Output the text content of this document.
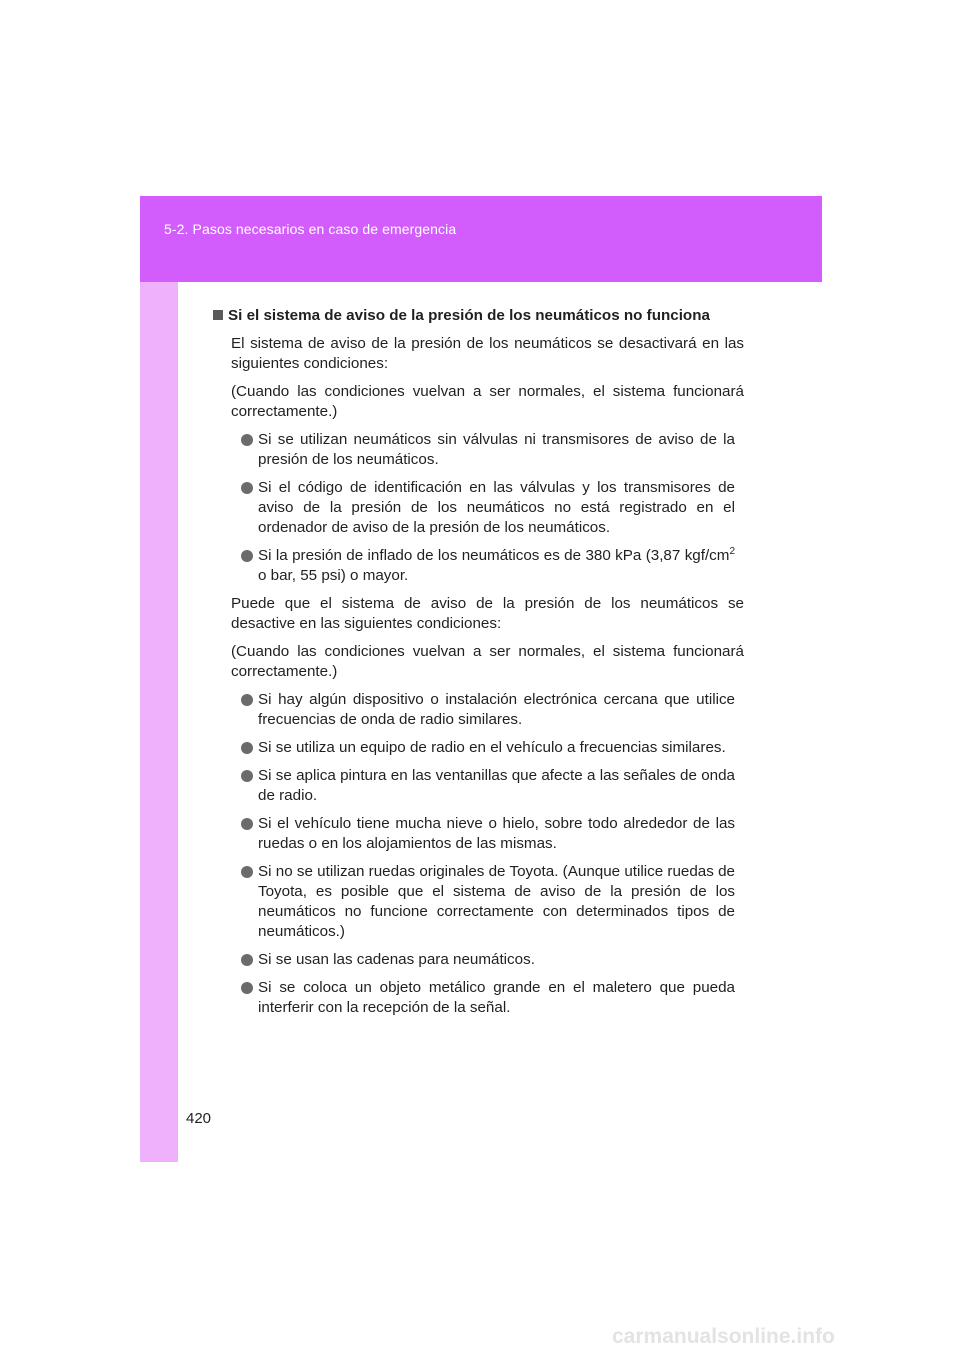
5-2. Pasos necesarios en caso de emergencia
Si el sistema de aviso de la presión de los neumáticos no funciona

El sistema de aviso de la presión de los neumáticos se desactivará en las siguientes condiciones:

(Cuando las condiciones vuelvan a ser normales, el sistema funcionará correctamente.)

Si se utilizan neumáticos sin válvulas ni transmisores de aviso de la presión de los neumáticos.
Si el código de identificación en las válvulas y los transmisores de aviso de la presión de los neumáticos no está registrado en el ordenador de aviso de la presión de los neumáticos.
Si la presión de inflado de los neumáticos es de 380 kPa (3,87 kgf/$cm^2$ o bar, 55 psi) o mayor.

Puede que el sistema de aviso de la presión de los neumáticos se desactive en las siguientes condiciones:

(Cuando las condiciones vuelvan a ser normales, el sistema funcionará correctamente.)

Si hay algún dispositivo o instalación electrónica cercana que utilice frecuencias de onda de radio similares.
Si se utiliza un equipo de radio en el vehículo a frecuencias similares.
Si se aplica pintura en las ventanillas que afecte a las señales de onda de radio.
Si el vehículo tiene mucha nieve o hielo, sobre todo alrededor de las ruedas o en los alojamientos de las mismas.
Si no se utilizan ruedas originales de Toyota. (Aunque utilice ruedas de Toyota, es posible que el sistema de aviso de la presión de los neumáticos no funcione correctamente con determinados tipos de neumáticos.)
Si se usan las cadenas para neumáticos.
Si se coloca un objeto metálico grande en el maletero que pueda interferir con la recepción de la señal.
420
carmanualsonline.info
